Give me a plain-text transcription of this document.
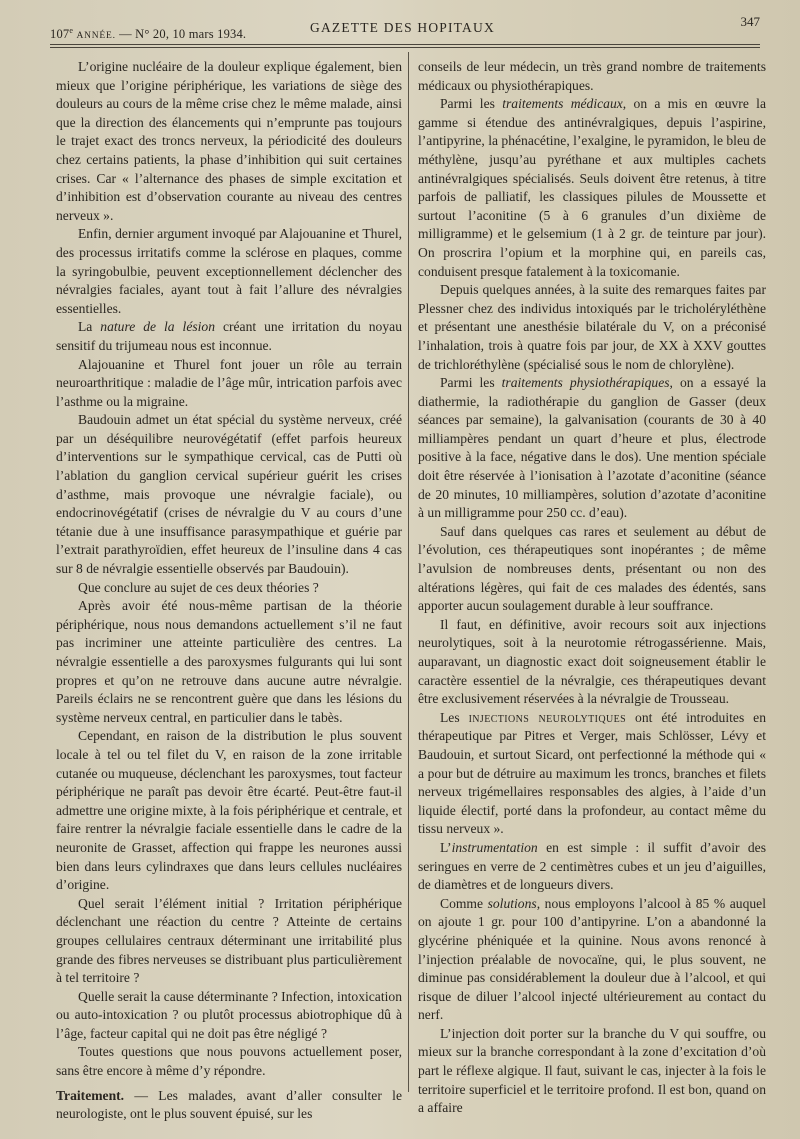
107e ANNÉE. — N° 20, 10 mars 1934.	GAZETTE DES HOPITAUX	347

L’origine nucléaire de la douleur explique également, bien mieux que l’origine périphérique, les variations de siège des douleurs au cours de la même crise chez le même malade, ainsi que la direction des élancements qui n’emprunte pas toujours le trajet exact des troncs nerveux, la périodicité des douleurs chez certains patients, la phase d’inhibition qui suit certaines crises. Car « l’alternance des phases de simple excitation et d’inhibition est d’observation courante au niveau des centres nerveux ».

Enfin, dernier argument invoqué par Alajouanine et Thurel, des processus irritatifs comme la sclérose en plaques, comme la syringobulbie, peuvent exceptionnellement déclencher des névralgies faciales, ayant tout à fait l’allure des névralgies essentielles.

La nature de la lésion créant une irritation du noyau sensitif du trijumeau nous est inconnue.

Alajouanine et Thurel font jouer un rôle au terrain neuroarthritique : maladie de l’âge mûr, intrication parfois avec l’asthme ou la migraine.

Baudouin admet un état spécial du système nerveux, créé par un déséquilibre neurovégétatif (effet parfois heureux d’interventions sur le sympathique cervical, cas de Putti où l’ablation du ganglion cervical supérieur guérit les crises d’asthme, mais provoque une névralgie faciale), ou endocrinovégétatif (crises de névralgie du V au cours d’une tétanie due à une insuffisance parasympathique et guérie par l’extrait parathyroïdien, effet heureux de l’insuline dans 4 cas sur 8 de névralgie essentielle observés par Baudouin).

Que conclure au sujet de ces deux théories ?

Après avoir été nous-même partisan de la théorie périphérique, nous nous demandons actuellement s’il ne faut pas incriminer une atteinte particulière des centres. La névralgie essentielle a des paroxysmes fulgurants qui lui sont propres et qu’on ne retrouve dans aucune autre névralgie. Pareils éclairs ne se rencontrent guère que dans les lésions du système nerveux central, en particulier dans le tabès.

Cependant, en raison de la distribution le plus souvent locale à tel ou tel filet du V, en raison de la zone irritable cutanée ou muqueuse, déclenchant les paroxysmes, tout facteur périphérique ne paraît pas devoir être écarté. Peut-être faut-il admettre une origine mixte, à la fois périphérique et centrale, et faire rentrer la névralgie faciale essentielle dans le cadre de la neuronite de Grasset, affection qui frappe les neurones aussi bien dans leurs cylindraxes que dans leurs cellules nucléaires d’origine.

Quel serait l’élément initial ? Irritation périphérique déclenchant une réaction du centre ? Atteinte de certains groupes cellulaires centraux déterminant une irritabilité plus grande des fibres nerveuses se distribuant plus particulièrement à tel territoire ?

Quelle serait la cause déterminante ? Infection, intoxication ou auto-intoxication ? ou plutôt processus abiotrophique dû à l’âge, facteur capital qui ne doit pas être négligé ?

Toutes questions que nous pouvons actuellement poser, sans être encore à même d’y répondre.

Traitement. — Les malades, avant d’aller consulter le neurologiste, ont le plus souvent épuisé, sur les

conseils de leur médecin, un très grand nombre de traitements médicaux ou physiothérapiques.

Parmi les traitements médicaux, on a mis en œuvre la gamme si étendue des antinévralgiques, depuis l’aspirine, l’antipyrine, la phénacétine, l’exalgine, le pyramidon, le bleu de méthylène, jusqu’au pyréthane et aux multiples cachets antinévralgiques spécialisés. Seuls doivent être retenus, à titre parfois de palliatif, les classiques pilules de Moussette et surtout l’aconitine (5 à 6 granules d’un dixième de milligramme) et le gelsemium (1 à 2 gr. de teinture par jour). On proscrira l’opium et la morphine qui, en pareils cas, conduisent presque fatalement à la toxicomanie.

Depuis quelques années, à la suite des remarques faites par Plessner chez des individus intoxiqués par le tricholéryléthène et présentant une anesthésie bilatérale du V, on a préconisé l’inhalation, trois à quatre fois par jour, de XX à XXV gouttes de trichloréthylène (spécialisé sous le nom de chlorylène).

Parmi les traitements physiothérapiques, on a essayé la diathermie, la radiothérapie du ganglion de Gasser (deux séances par semaine), la galvanisation (courants de 30 à 40 milliampères pendant un quart d’heure et plus, électrode positive à la face, négative dans le dos). Une mention spéciale doit être réservée à l’ionisation à l’azotate d’aconitine (séance de 20 minutes, 10 milliampères, solution d’azotate d’aconitine à un milligramme pour 250 cc. d’eau).

Sauf dans quelques cas rares et seulement au début de l’évolution, ces thérapeutiques sont inopérantes ; de même l’avulsion de nombreuses dents, présentant ou non des altérations légères, qui fait de ces malades des édentés, sans apporter aucun soulagement durable à leur souffrance.

Il faut, en définitive, avoir recours soit aux injections neurolytiques, soit à la neurotomie rétrogassérienne. Mais, auparavant, un diagnostic exact doit soigneusement établir le caractère essentiel de la névralgie, ces thérapeutiques devant être exclusivement réservées à la névralgie de Trousseau.

Les injections neurolytiques ont été introduites en thérapeutique par Pitres et Verger, mais Schlösser, Lévy et Baudouin, et surtout Sicard, ont perfectionné la méthode qui « a pour but de détruire au maximum les troncs, branches et filets nerveux trigémellaires responsables des algies, à l’aide d’un liquide électif, porté dans la profondeur, au contact même du tissu nerveux ».

L’instrumentation en est simple : il suffit d’avoir des seringues en verre de 2 centimètres cubes et un jeu d’aiguilles, de diamètres et de longueurs divers.

Comme solutions, nous employons l’alcool à 85 % auquel on ajoute 1 gr. pour 100 d’antipyrine. L’on a abandonné la glycérine phéniquée et la quinine. Nous avons renoncé à l’injection préalable de novocaïne, qui, le plus souvent, ne diminue pas considérablement la douleur due à l’alcool, et qui risque de diluer l’alcool injecté ultérieurement au contact du nerf.

L’injection doit porter sur la branche du V qui souffre, ou mieux sur la branche correspondant à la zone d’excitation d’où part le réflexe algique. Il faut, suivant le cas, injecter à la fois le territoire superficiel et le territoire profond. Il est bon, quand on a affaire
